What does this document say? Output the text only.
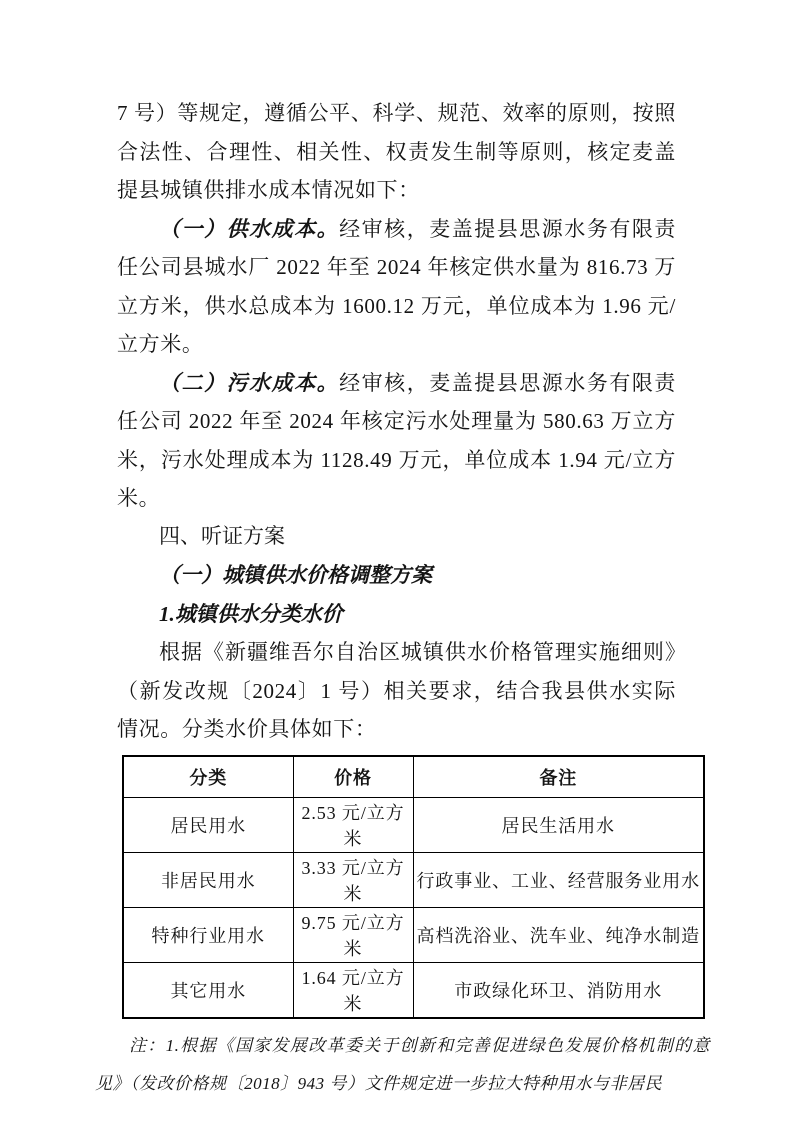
7 号）等规定，遵循公平、科学、规范、效率的原则，按照合法性、合理性、相关性、权责发生制等原则，核定麦盖提县城镇供排水成本情况如下：

（一）供水成本。经审核，麦盖提县思源水务有限责任公司县城水厂 2022 年至 2024 年核定供水量为 816.73 万立方米，供水总成本为 1600.12 万元，单位成本为 1.96 元/立方米。

（二）污水成本。经审核，麦盖提县思源水务有限责任公司 2022 年至 2024 年核定污水处理量为 580.63 万立方米，污水处理成本为 1128.49 万元，单位成本 1.94 元/立方米。

四、听证方案

（一）城镇供水价格调整方案

1.城镇供水分类水价

根据《新疆维吾尔自治区城镇供水价格管理实施细则》（新发改规〔2024〕1 号）相关要求，结合我县供水实际情况。分类水价具体如下：

分类	价格	备注
居民用水	2.53 元/立方米	居民生活用水
非居民用水	3.33 元/立方米	行政事业、工业、经营服务业用水
特种行业用水	9.75 元/立方米	高档洗浴业、洗车业、纯净水制造
其它用水	1.64 元/立方米	市政绿化环卫、消防用水

注：1.根据《国家发展改革委关于创新和完善促进绿色发展价格机制的意见》（发改价格规〔2018〕943 号）文件规定进一步拉大特种用水与非居民
